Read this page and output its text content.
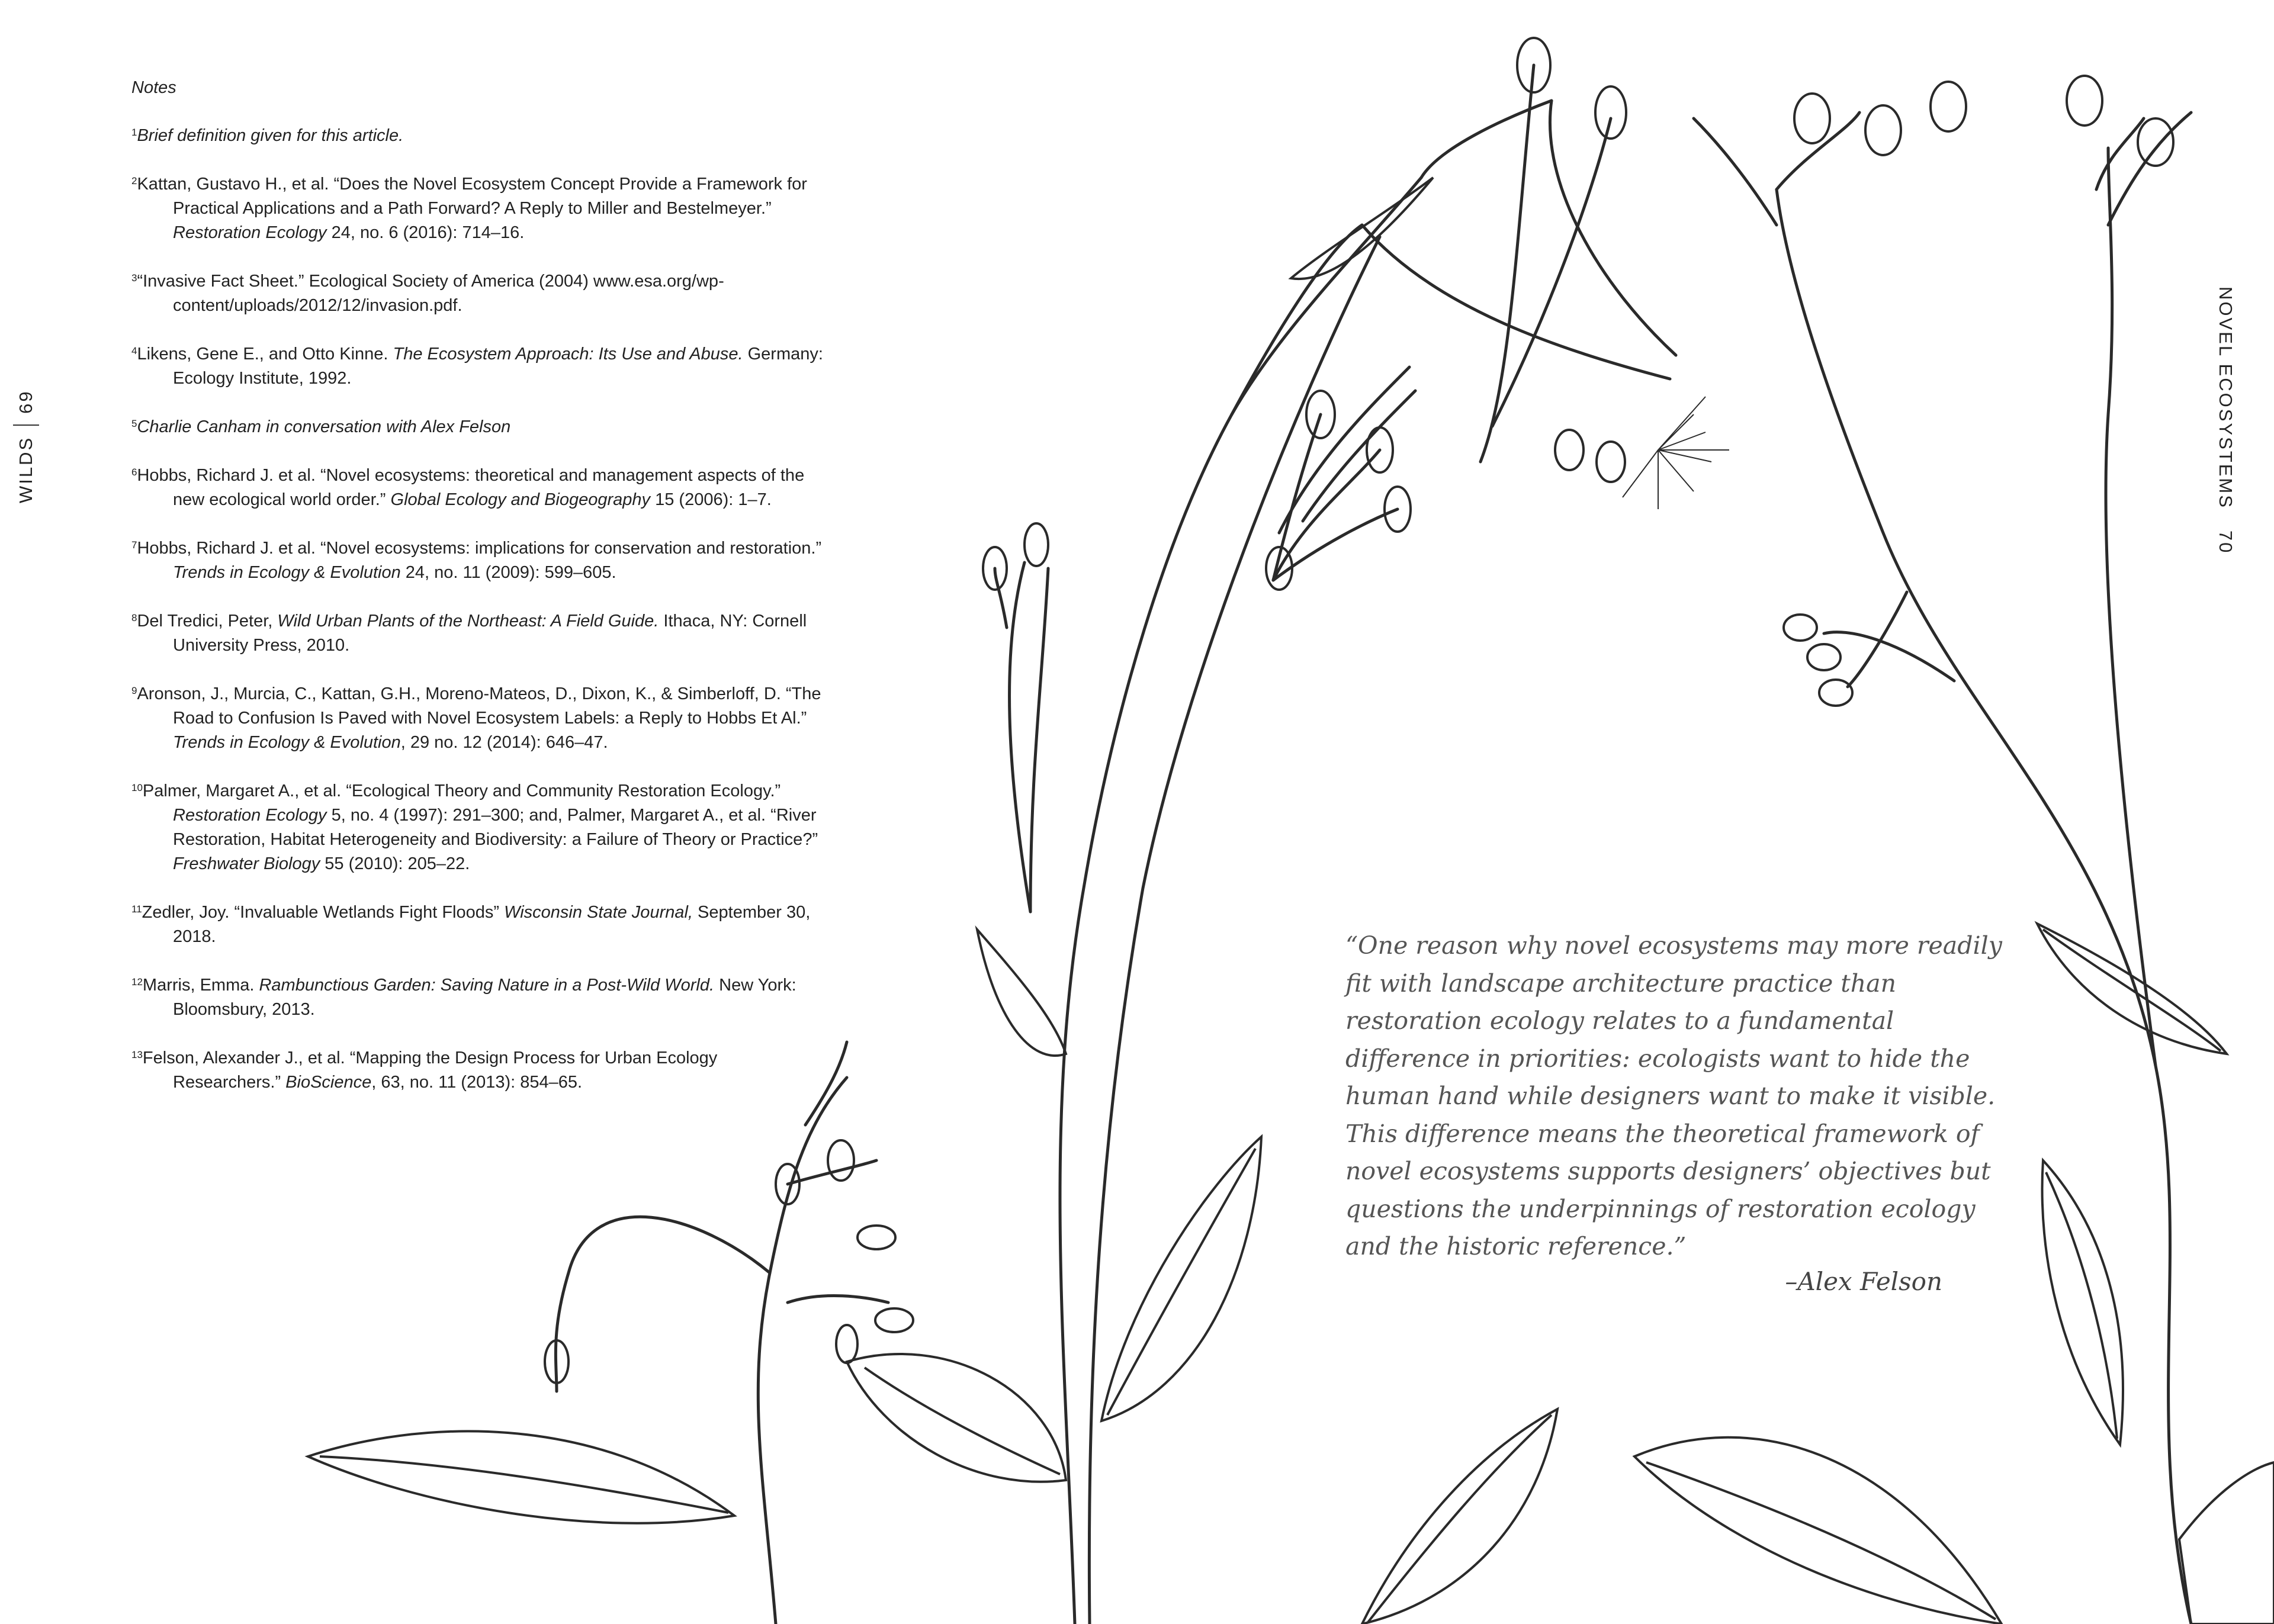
WILDS
69	NOVEL ECOSYSTEMS
70
Notes
$^1$Brief definition given for this article.
$^2$Kattan, Gustavo H., et al. “Does the Novel Ecosystem Concept Provide a Framework for Practical Applications and a Path Forward? A Reply to Miller and Bestelmeyer.” Restoration Ecology 24, no. 6 (2016): 714–16.
$^3$“Invasive Fact Sheet.” Ecological Society of America (2004) www.esa.org/wp-content/uploads/2012/12/invasion.pdf.
$^4$Likens, Gene E., and Otto Kinne. The Ecosystem Approach: Its Use and Abuse. Germany: Ecology Institute, 1992.
$^5$Charlie Canham in conversation with Alex Felson
$^6$Hobbs, Richard J. et al. “Novel ecosystems: theoretical and management aspects of the new ecological world order.” Global Ecology and Biogeography 15 (2006): 1–7.
$^7$Hobbs, Richard J. et al. “Novel ecosystems: implications for conservation and restoration.” Trends in Ecology & Evolution 24, no. 11 (2009): 599–605.
$^8$Del Tredici, Peter, Wild Urban Plants of the Northeast: A Field Guide. Ithaca, NY: Cornell University Press, 2010.
$^9$Aronson, J., Murcia, C., Kattan, G.H., Moreno-Mateos, D., Dixon, K., & Simberloff, D. “The Road to Confusion Is Paved with Novel Ecosystem Labels: a Reply to Hobbs Et Al.” Trends in Ecology & Evolution, 29 no. 12 (2014): 646–47.
$^{10}$Palmer, Margaret A., et al. “Ecological Theory and Community Restoration Ecology.” Restoration Ecology 5, no. 4 (1997): 291–300; and, Palmer, Margaret A., et al. “River Restoration, Habitat Heterogeneity and Biodiversity: a Failure of Theory or Practice?” Freshwater Biology 55 (2010): 205–22.
$^{11}$Zedler, Joy. “Invaluable Wetlands Fight Floods” Wisconsin State Journal, September 30, 2018.
$^{12}$Marris, Emma. Rambunctious Garden: Saving Nature in a Post-Wild World. New York: Bloomsbury, 2013.
$^{13}$Felson, Alexander J., et al. “Mapping the Design Process for Urban Ecology Researchers.” BioScience, 63, no. 11 (2013): 854–65.
“One reason why novel ecosystems may more readily fit with landscape architecture practice than restoration ecology relates to a fundamental difference in priorities: ecologists want to hide the human hand while designers want to make it visible. This difference means the theoretical framework of novel ecosystems supports designers’ objectives but questions the underpinnings of restoration ecology and the historic reference.”
–Alex Felson
